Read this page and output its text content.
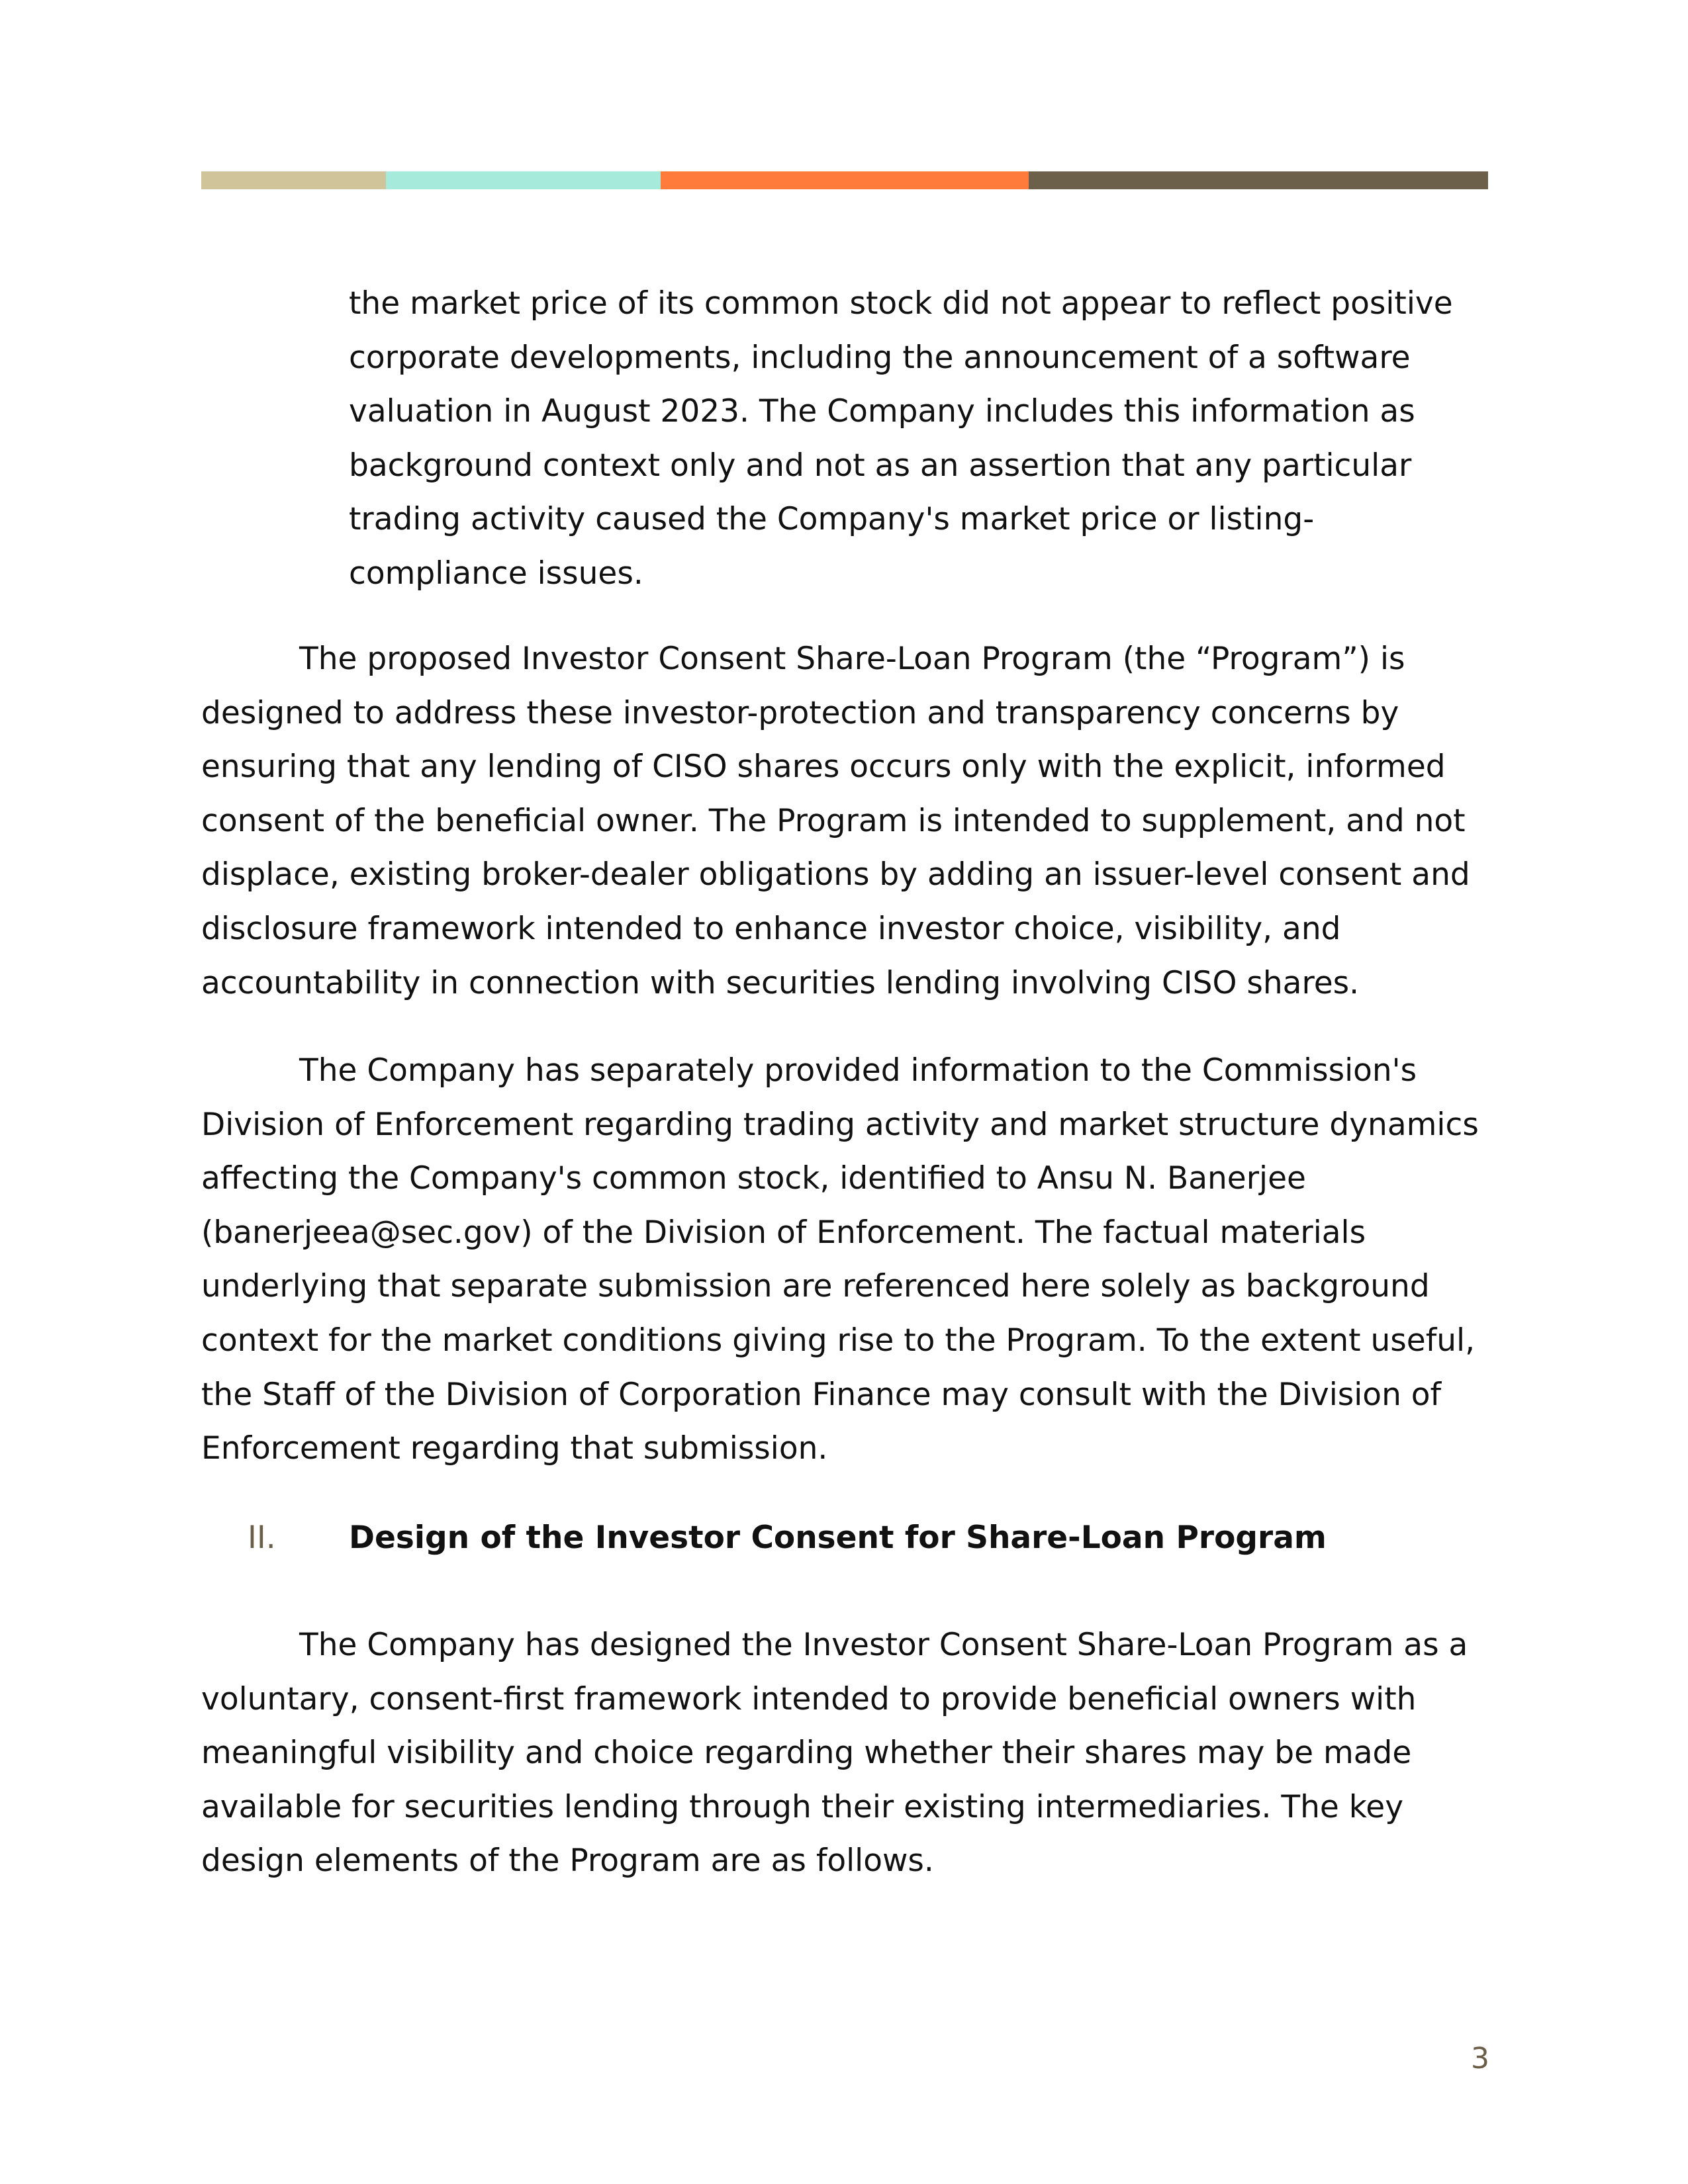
the market price of its common stock did not appear to reflect positive corporate developments, including the announcement of a software valuation in August 2023. The Company includes this information as background context only and not as an assertion that any particular trading activity caused the Company's market price or listing-compliance issues.

The proposed Investor Consent Share-Loan Program (the “Program”) is designed to address these investor-protection and transparency concerns by ensuring that any lending of CISO shares occurs only with the explicit, informed consent of the beneficial owner. The Program is intended to supplement, and not displace, existing broker-dealer obligations by adding an issuer-level consent and disclosure framework intended to enhance investor choice, visibility, and accountability in connection with securities lending involving CISO shares.

The Company has separately provided information to the Commission's Division of Enforcement regarding trading activity and market structure dynamics affecting the Company's common stock, identified to Ansu N. Banerjee (banerjeea@sec.gov) of the Division of Enforcement. The factual materials underlying that separate submission are referenced here solely as background context for the market conditions giving rise to the Program. To the extent useful, the Staff of the Division of Corporation Finance may consult with the Division of Enforcement regarding that submission.

II. Design of the Investor Consent for Share-Loan Program

The Company has designed the Investor Consent Share-Loan Program as a voluntary, consent-first framework intended to provide beneficial owners with meaningful visibility and choice regarding whether their shares may be made available for securities lending through their existing intermediaries. The key design elements of the Program are as follows.

3
